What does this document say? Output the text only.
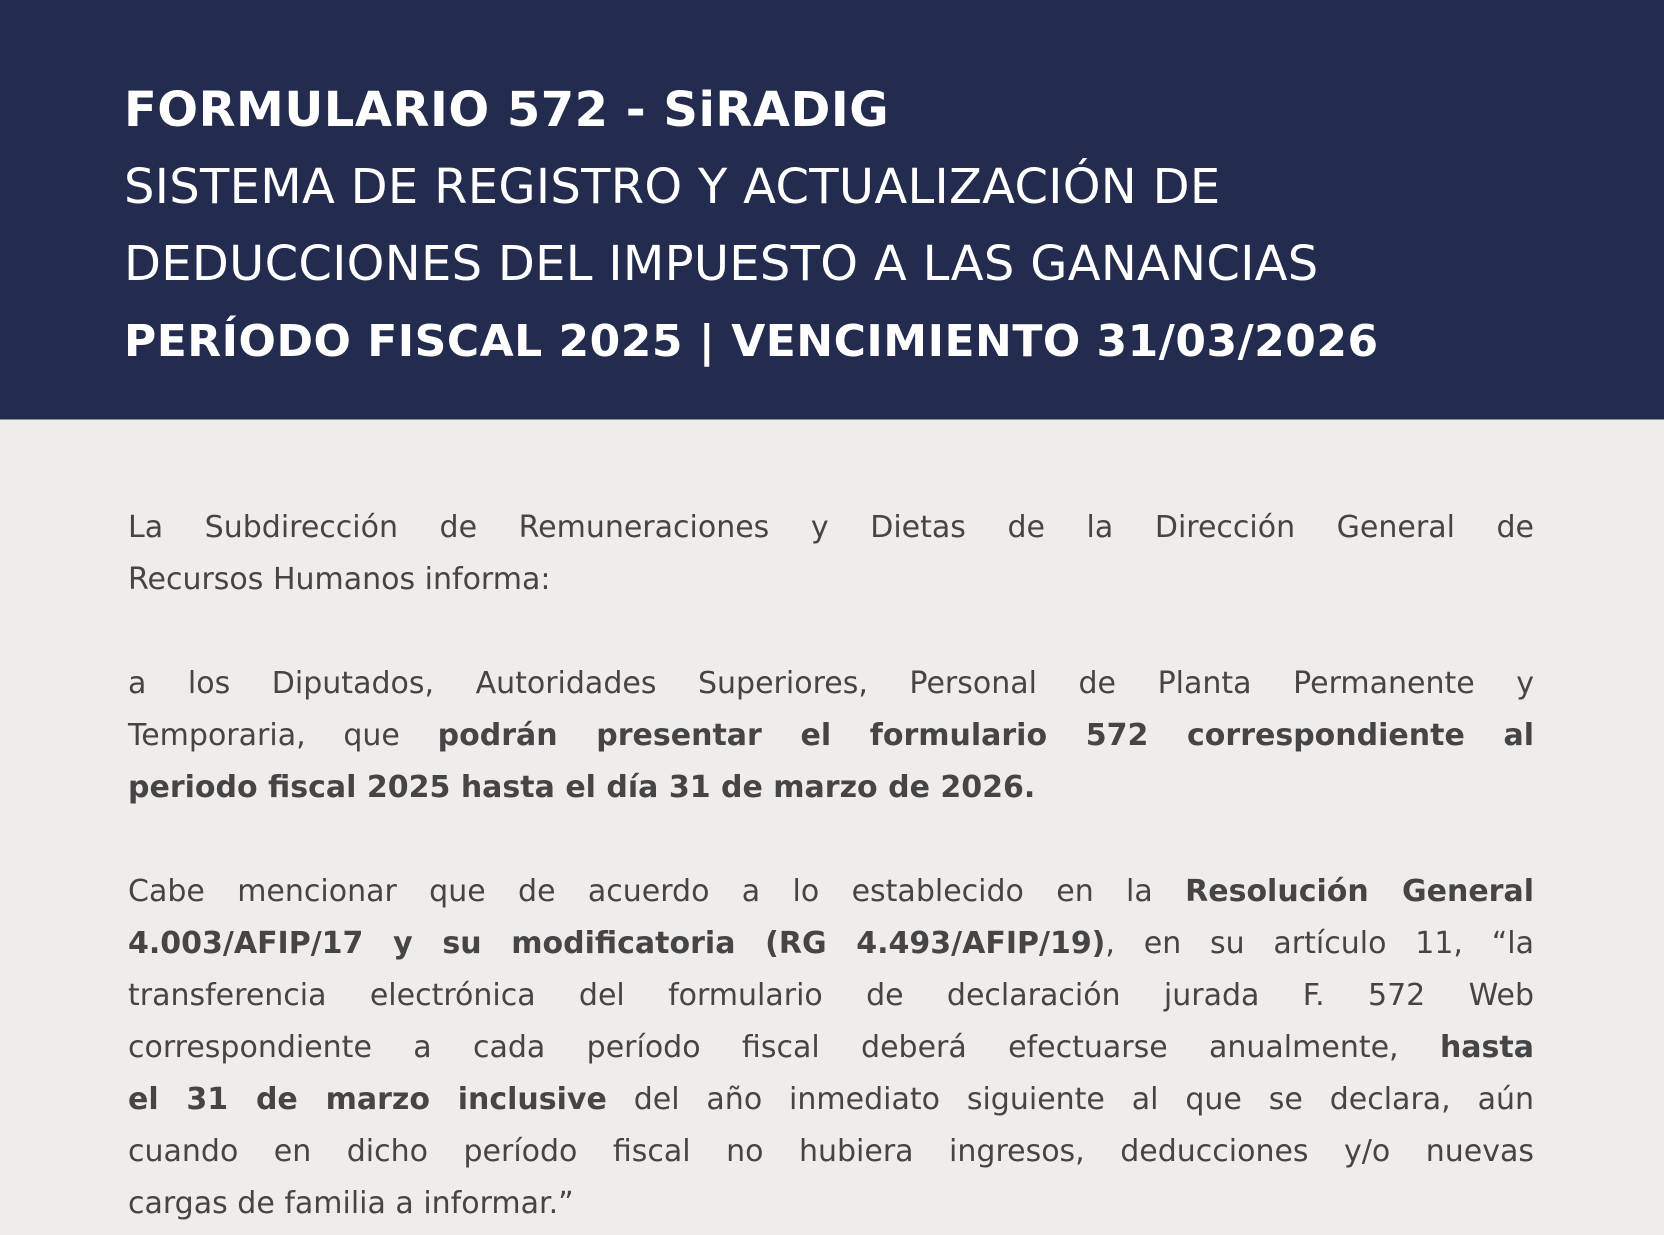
FORMULARIO 572 - SiRADIG
SISTEMA DE REGISTRO Y ACTUALIZACIÓN DE
DEDUCCIONES DEL IMPUESTO A LAS GANANCIAS
PERÍODO FISCAL 2025 | VENCIMIENTO 31/03/2026
La Subdirección de Remuneraciones y Dietas de la Dirección General de
Recursos Humanos informa:
a los Diputados, Autoridades Superiores, Personal de Planta Permanente y
Temporaria, que podrán presentar el formulario 572 correspondiente al
periodo fiscal 2025 hasta el día 31 de marzo de 2026.
Cabe mencionar que de acuerdo a lo establecido en la Resolución General
4.003/AFIP/17 y su modificatoria (RG 4.493/AFIP/19), en su artículo 11, “la
transferencia electrónica del formulario de declaración jurada F. 572 Web
correspondiente a cada período fiscal deberá efectuarse anualmente, hasta
el 31 de marzo inclusive del año inmediato siguiente al que se declara, aún
cuando en dicho período fiscal no hubiera ingresos, deducciones y/o nuevas
cargas de familia a informar.”
